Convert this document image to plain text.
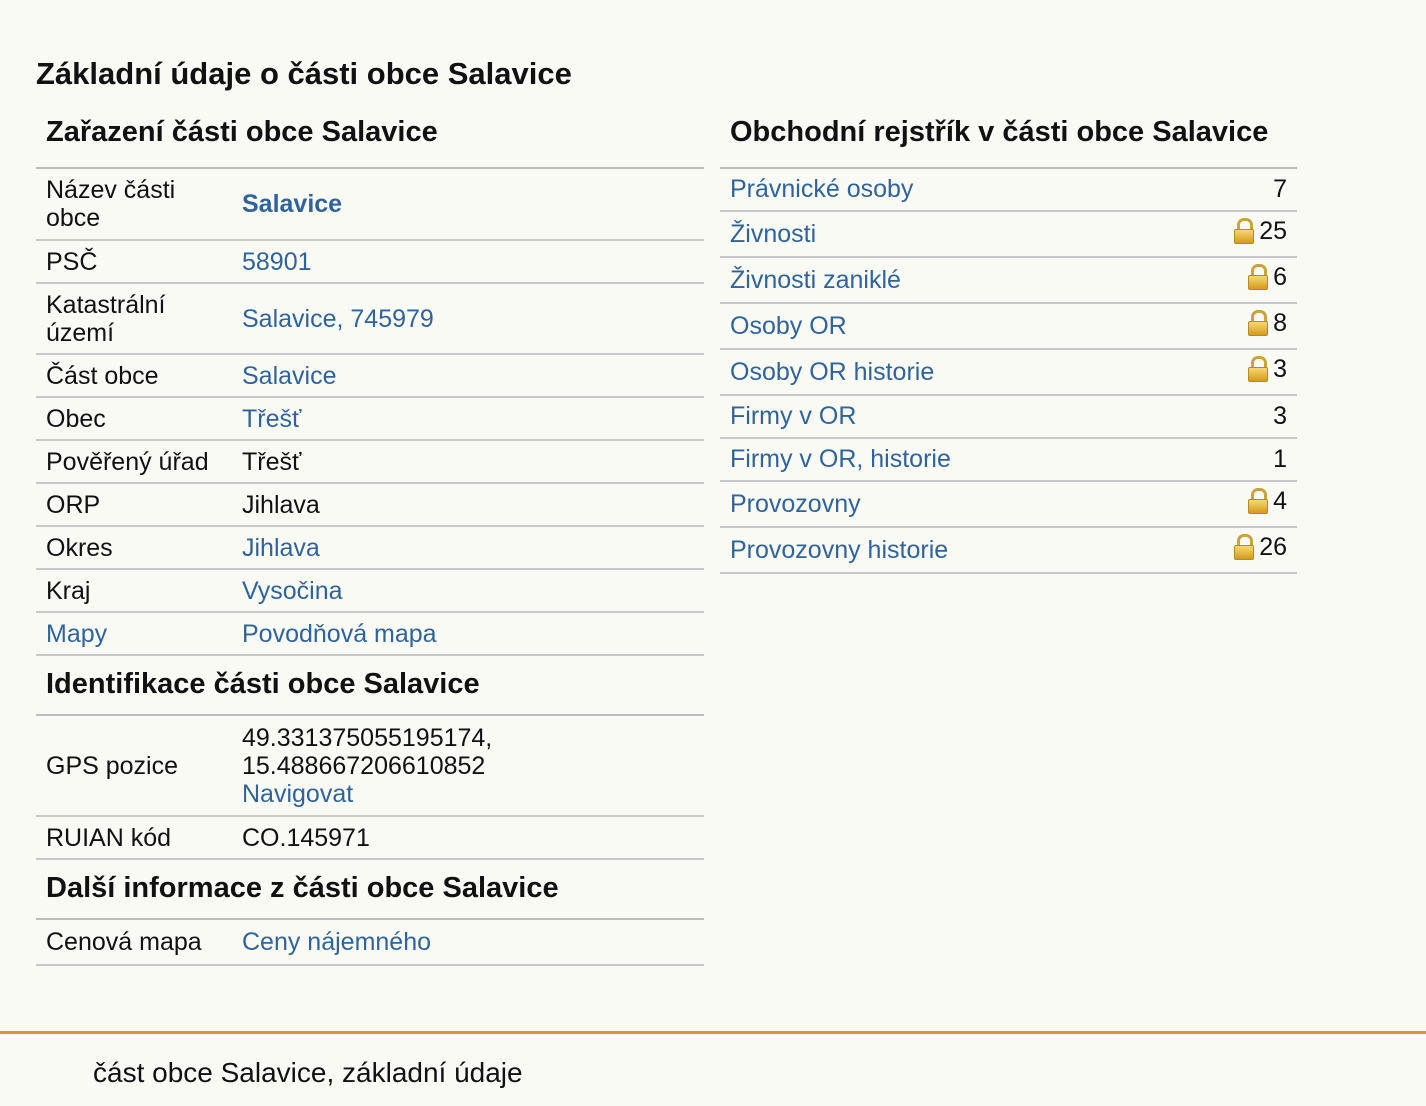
Základní údaje o části obce Salavice
Zařazení části obce Salavice
Název části obce	Salavice
PSČ	58901
Katastrální území	Salavice, 745979
Část obce	Salavice
Obec	Třešť
Pověřený úřad	Třešť
ORP	Jihlava
Okres	Jihlava
Kraj	Vysočina
Mapy	Povodňová mapa
Identifikace části obce Salavice
GPS pozice	49.331375055195174,
15.488667206610852
Navigovat

RUIAN kód	CO.145971
Další informace z části obce Salavice
Cenová mapa	Ceny nájemného
Obchodní rejstřík v části obce Salavice
Právnické osoby	7
Živnosti	25

Živnosti zaniklé	6

Osoby OR	8

Osoby OR historie	3

Firmy v OR	3
Firmy v OR, historie	1
Provozovny	4

Provozovny historie	26
část obce Salavice, základní údaje
